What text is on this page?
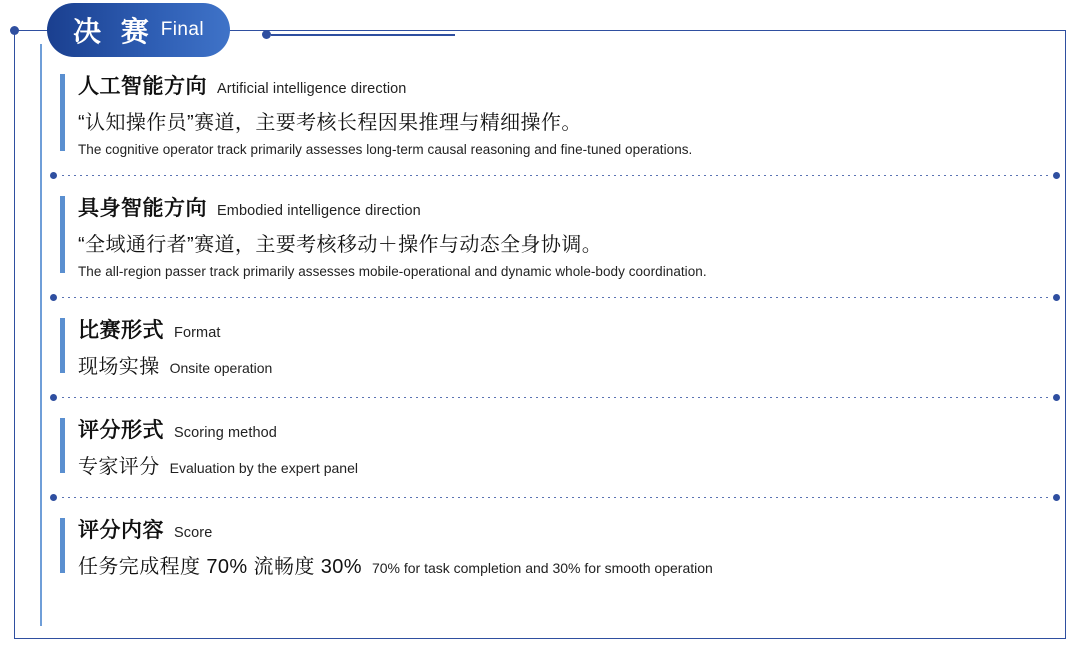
决 赛 Final
人工智能方向 Artificial intelligence direction
“认知操作员”赛道，主要考核长程因果推理与精细操作。
The cognitive operator track primarily assesses long-term causal reasoning and fine-tuned operations.
具身智能方向 Embodied intelligence direction
“全域通行者”赛道，主要考核移动＋操作与动态全身协调。
The all-region passer track primarily assesses mobile-operational and dynamic whole-body coordination.
比赛形式 Format
现场实操 Onsite operation
评分形式 Scoring method
专家评分 Evaluation by the expert panel
评分内容 Score
任务完成程度 70% 流畅度 30% 70% for task completion and 30% for smooth operation
